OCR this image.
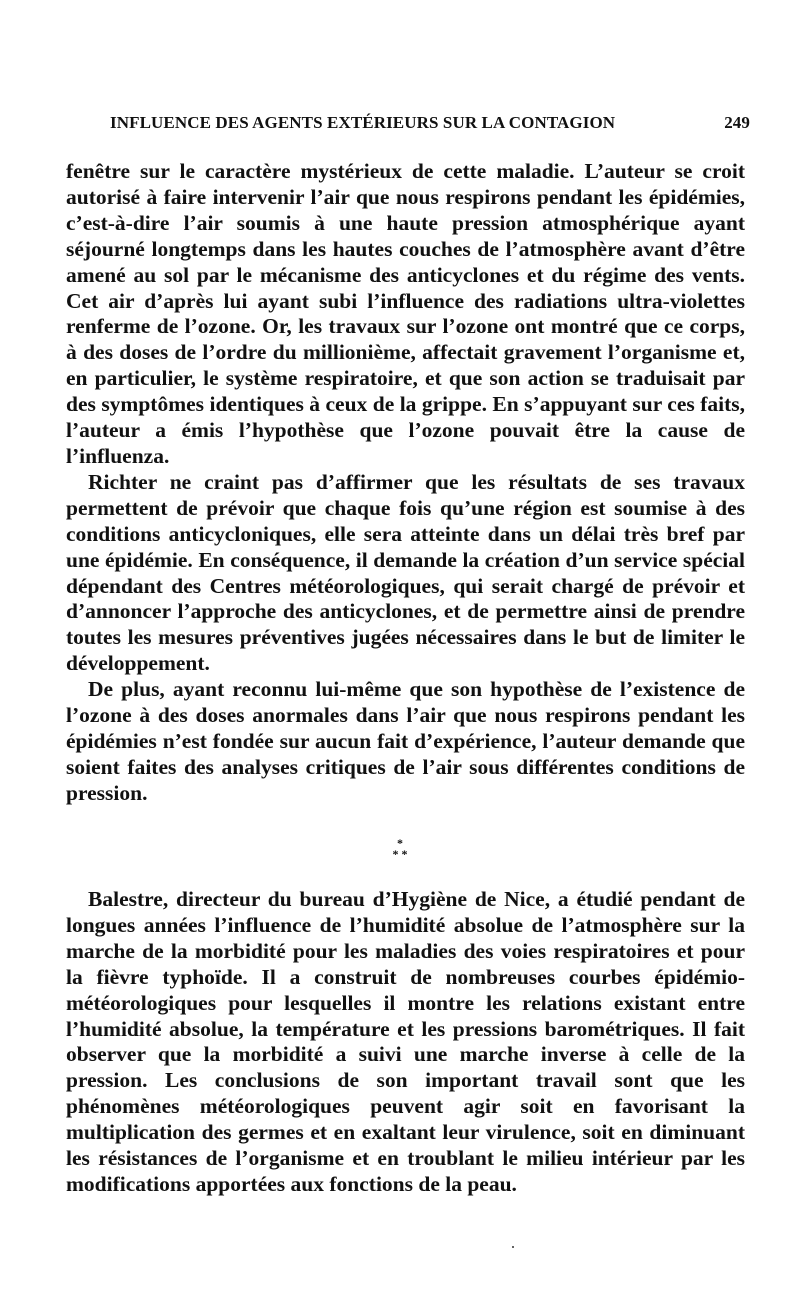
INFLUENCE DES AGENTS EXTÉRIEURS SUR LA CONTAGION	249

fenêtre sur le caractère mystérieux de cette maladie. L’auteur se croit autorisé à faire intervenir l’air que nous respirons pendant les épidémies, c’est-à-dire l’air soumis à une haute pression atmosphérique ayant séjourné longtemps dans les hautes couches de l’atmosphère avant d’être amené au sol par le mécanisme des anticyclones et du régime des vents. Cet air d’après lui ayant subi l’influence des radiations ultra-violettes renferme de l’ozone. Or, les travaux sur l’ozone ont montré que ce corps, à des doses de l’ordre du millionième, affectait gravement l’organisme et, en particulier, le système respiratoire, et que son action se traduisait par des symptômes identiques à ceux de la grippe. En s’appuyant sur ces faits, l’auteur a émis l’hypothèse que l’ozone pouvait être la cause de l’influenza.

Richter ne craint pas d’affirmer que les résultats de ses travaux permettent de prévoir que chaque fois qu’une région est soumise à des conditions anticycloniques, elle sera atteinte dans un délai très bref par une épidémie. En conséquence, il demande la création d’un service spécial dépendant des Centres météorologiques, qui serait chargé de prévoir et d’annoncer l’approche des anticyclones, et de permettre ainsi de prendre toutes les mesures préventives jugées nécessaires dans le but de limiter le développement.

De plus, ayant reconnu lui-même que son hypothèse de l’existence de l’ozone à des doses anormales dans l’air que nous respirons pendant les épidémies n’est fondée sur aucun fait d’expérience, l’auteur demande que soient faites des analyses critiques de l’air sous différentes conditions de pression.

*
* *

Balestre, directeur du bureau d’Hygiène de Nice, a étudié pendant de longues années l’influence de l’humidité absolue de l’atmosphère sur la marche de la morbidité pour les maladies des voies respiratoires et pour la fièvre typhoïde. Il a construit de nombreuses courbes épidémio-météorologiques pour lesquelles il montre les relations existant entre l’humidité absolue, la température et les pressions barométriques. Il fait observer que la morbidité a suivi une marche inverse à celle de la pression. Les conclusions de son important travail sont que les phénomènes météorologiques peuvent agir soit en favorisant la multiplication des germes et en exaltant leur virulence, soit en diminuant les résistances de l’organisme et en troublant le milieu intérieur par les modifications apportées aux fonctions de la peau.
